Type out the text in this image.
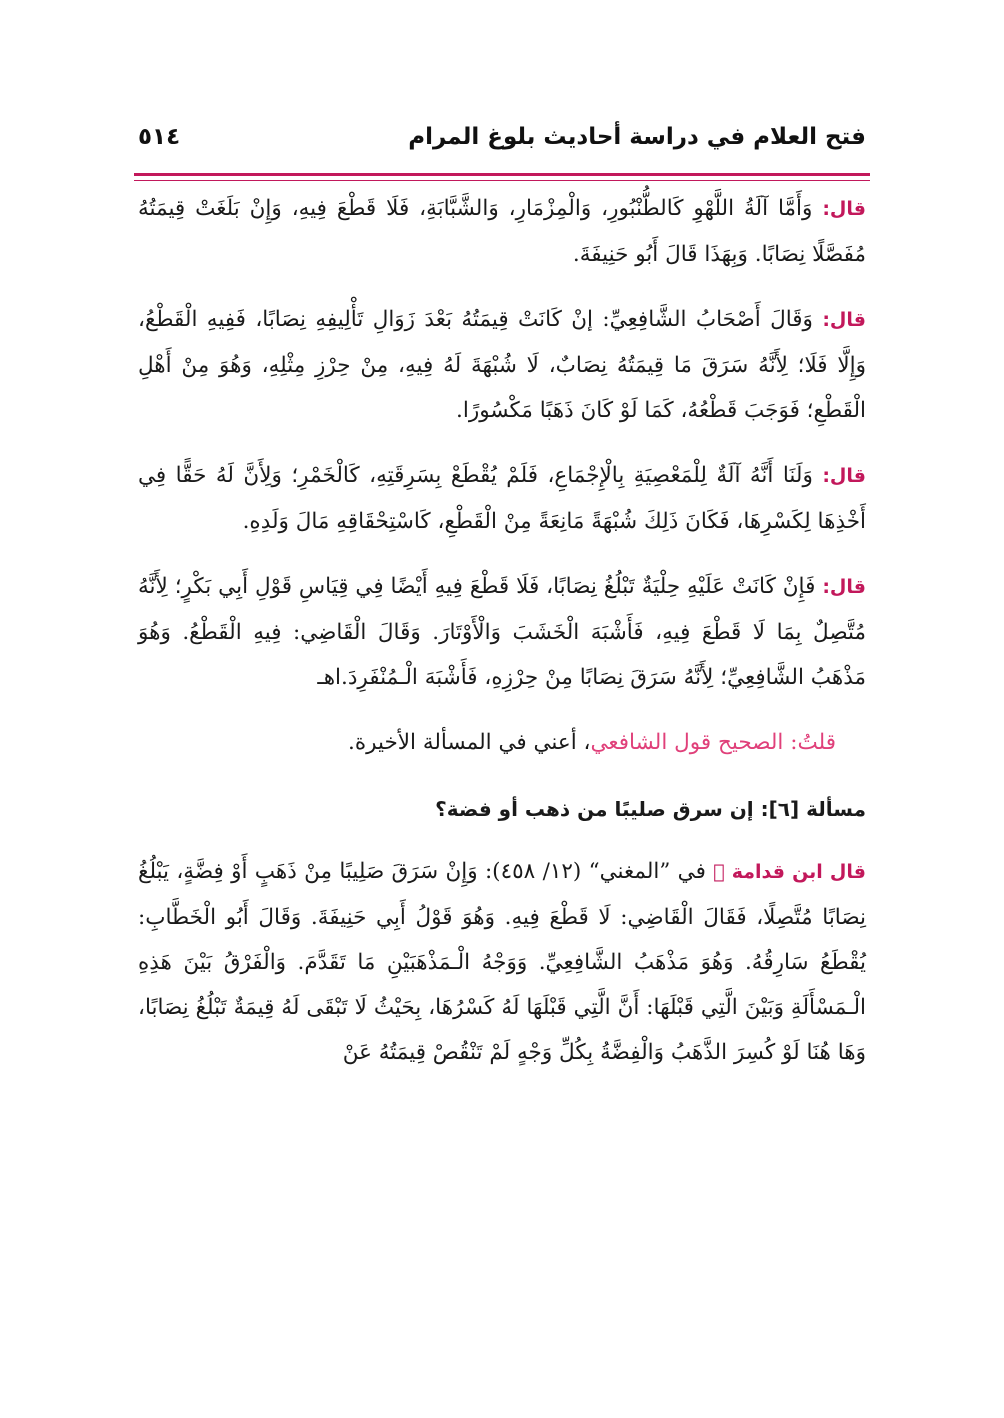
فتح العلام في دراسة أحاديث بلوغ المرام
٥١٤

قال: وَأَمَّا آلَةُ اللَّهْوِ كَالطُّنْبُورِ، وَالْمِزْمَارِ، وَالشَّبَّابَةِ، فَلَا قَطْعَ فِيهِ، وَإِنْ بَلَغَتْ قِيمَتُهُ مُفَصَّلًا نِصَابًا. وَبِهَذَا قَالَ أَبُو حَنِيفَةَ.

قال: وَقَالَ أَصْحَابُ الشَّافِعِيِّ: إنْ كَانَتْ قِيمَتُهُ بَعْدَ زَوَالِ تَأْلِيفِهِ نِصَابًا، فَفِيهِ الْقَطْعُ، وَإِلَّا فَلَا؛ لِأَنَّهُ سَرَقَ مَا قِيمَتُهُ نِصَابٌ، لَا شُبْهَةَ لَهُ فِيهِ، مِنْ حِرْزِ مِثْلِهِ، وَهُوَ مِنْ أَهْلِ الْقَطْعِ؛ فَوَجَبَ قَطْعُهُ، كَمَا لَوْ كَانَ ذَهَبًا مَكْسُورًا.

قال: وَلَنَا أَنَّهُ آلَةٌ لِلْمَعْصِيَةِ بِالْإِجْمَاعِ، فَلَمْ يُقْطَعْ بِسَرِقَتِهِ، كَالْخَمْرِ؛ وَلِأَنَّ لَهُ حَقًّا فِي أَخْذِهَا لِكَسْرِهَا، فَكَانَ ذَلِكَ شُبْهَةً مَانِعَةً مِنْ الْقَطْعِ، كَاسْتِحْقَاقِهِ مَالَ وَلَدِهِ.

قال: فَإِنْ كَانَتْ عَلَيْهِ حِلْيَةٌ تَبْلُغُ نِصَابًا، فَلَا قَطْعَ فِيهِ أَيْضًا فِي قِيَاسِ قَوْلِ أَبِي بَكْرٍ؛ لِأَنَّهُ مُتَّصِلٌ بِمَا لَا قَطْعَ فِيهِ، فَأَشْبَهَ الْخَشَبَ وَالْأَوْتَارَ. وَقَالَ الْقَاضِي: فِيهِ الْقَطْعُ. وَهُوَ مَذْهَبُ الشَّافِعِيِّ؛ لِأَنَّهُ سَرَقَ نِصَابًا مِنْ حِرْزِهِ، فَأَشْبَهَ الْـمُنْفَرِدَ.اهـ

قلتُ: الصحيح قول الشافعي، أعني في المسألة الأخيرة.

مسألة [٦]: إن سرق صليبًا من ذهب أو فضة؟

قال ابن قدامة ﷫ في ”المغني“ (١٢/ ٤٥٨): وَإِنْ سَرَقَ صَلِيبًا مِنْ ذَهَبٍ أَوْ فِضَّةٍ، يَبْلُغُ نِصَابًا مُتَّصِلًا، فَقَالَ الْقَاضِي: لَا قَطْعَ فِيهِ. وَهُوَ قَوْلُ أَبِي حَنِيفَةَ. وَقَالَ أَبُو الْخَطَّابِ: يُقْطَعُ سَارِقُهُ. وَهُوَ مَذْهَبُ الشَّافِعِيِّ. وَوَجْهُ الْـمَذْهَبَيْنِ مَا تَقَدَّمَ. وَالْفَرْقُ بَيْنَ هَذِهِ الْـمَسْأَلَةِ وَبَيْنَ الَّتِي قَبْلَهَا: أَنَّ الَّتِي قَبْلَهَا لَهُ كَسْرُهَا، بِحَيْثُ لَا تَبْقَى لَهُ قِيمَةٌ تَبْلُغُ نِصَابًا، وَهَا هُنَا لَوْ كُسِرَ الذَّهَبُ وَالْفِضَّةُ بِكُلِّ وَجْهٍ لَمْ تَنْقُصْ قِيمَتُهُ عَنْ
